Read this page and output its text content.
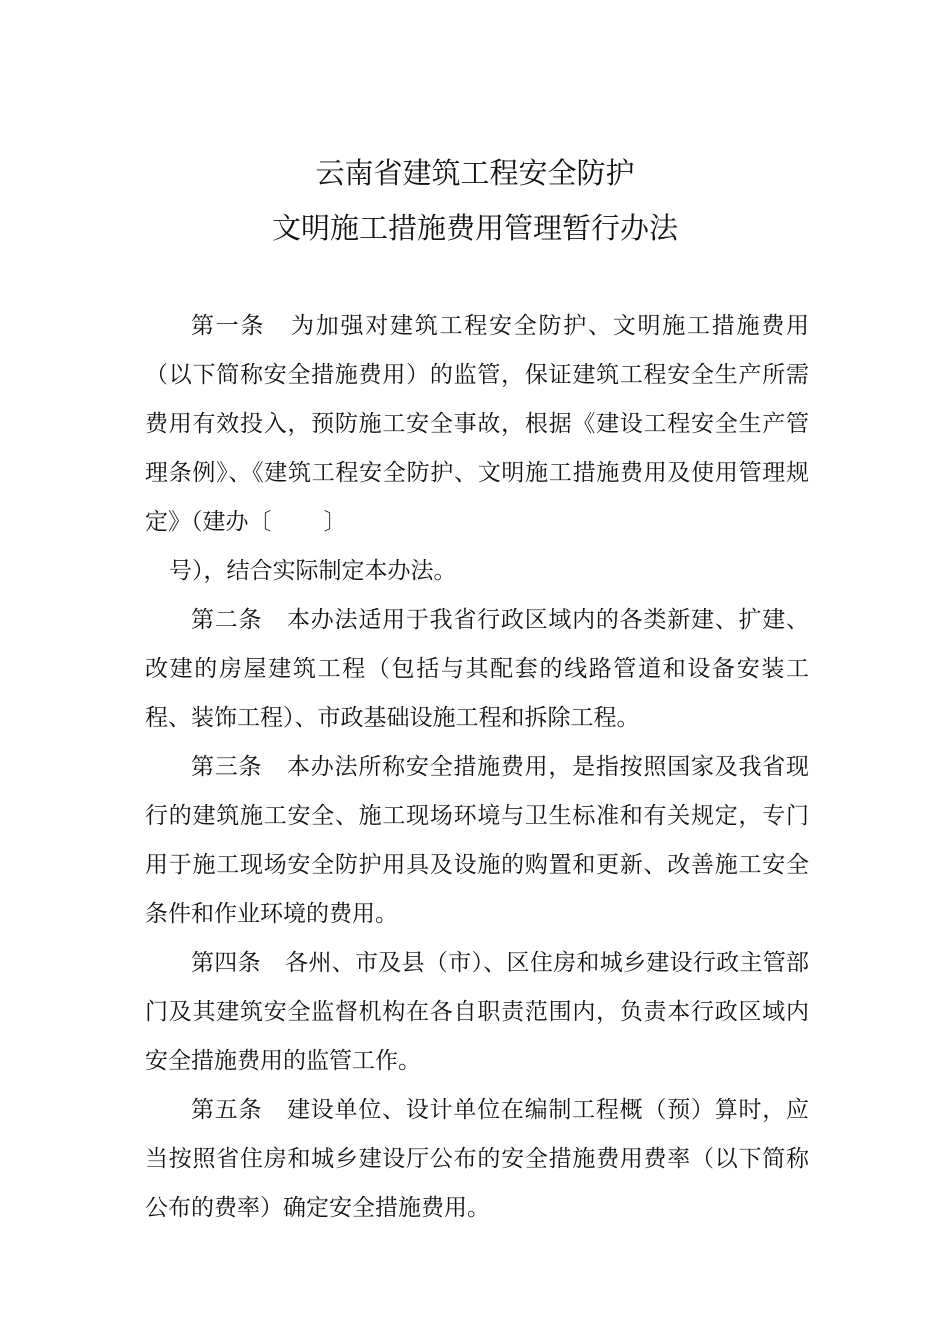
云南省建筑工程安全防护
文明施工措施费用管理暂行办法

第一条 为加强对建筑工程安全防护、文明施工措施费用（以下简称安全措施费用）的监管，保证建筑工程安全生产所需费用有效投入，预防施工安全事故，根据《建设工程安全生产管理条例》、《建筑工程安全防护、文明施工措施费用及使用管理规定》（建办〔 〕
号），结合实际制定本办法。

第二条 本办法适用于我省行政区域内的各类新建、扩建、改建的房屋建筑工程（包括与其配套的线路管道和设备安装工程、装饰工程）、市政基础设施工程和拆除工程。

第三条 本办法所称安全措施费用，是指按照国家及我省现行的建筑施工安全、施工现场环境与卫生标准和有关规定，专门用于施工现场安全防护用具及设施的购置和更新、改善施工安全条件和作业环境的费用。

第四条 各州、市及县（市）、区住房和城乡建设行政主管部门及其建筑安全监督机构在各自职责范围内，负责本行政区域内安全措施费用的监管工作。

第五条 建设单位、设计单位在编制工程概（预）算时，应当按照省住房和城乡建设厅公布的安全措施费用费率（以下简称公布的费率）确定安全措施费用。
